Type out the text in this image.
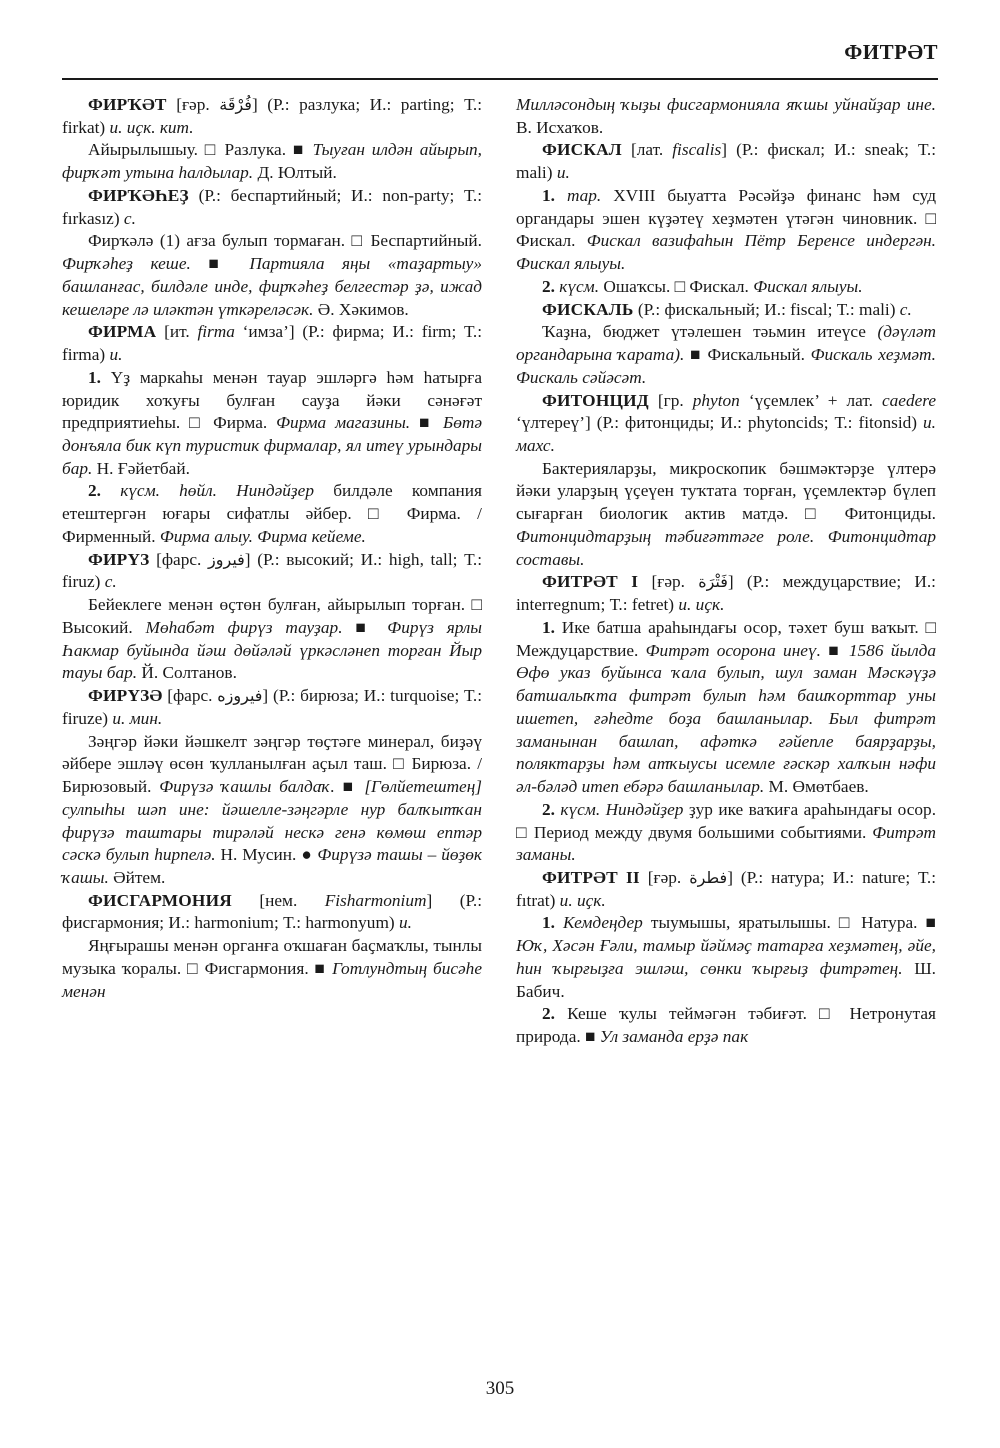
ФИТРӘТ

ФИРҠӘТ [ғәр. فُرْقَة] (Р.: разлука; И.: parting; Т.: firkat) и. иҫк. кит.

Айырылышыу. □ Разлука. ■ Тыуған илдән айырып, фирҡәт утына һалдылар. Д. Юлтый.

ФИРҠӘҺЕҘ (Р.: беспартийный; И.: non-party; Т.: fırkasız) с.

Фирҡәлә (1) ағза булып тормаған. □ Беспартийный. Фирҡәһеҙ кеше. ■ Партияла яңы «таҙартыу» башланғас, билдәле инде, фирҡәһеҙ белгестәр ҙә, ижад кешеләре лә иләктән үткәреләсәк. Ә. Хәкимов.

ФИРМА [ит. firma ‘имза’] (Р.: фирма; И.: firm; Т.: firma) и.

1. Үҙ маркаһы менән тауар эшләргә һәм һатырға юридик хоҡуғы булған сауҙа йәки сәнәғәт предприятиеһы. □ Фирма. Фирма магазины. ■ Бөтә донъяла бик күп туристик фирмалар, ял итеү урындары бар. Н. Ғәйетбай.

2. күсм. һөйл. Ниндәйҙер билдәле компания етештергән юғары сифатлы әйбер. □ Фирма. / Фирменный. Фирма алыу. Фирма кейеме.

ФИРҮЗ [фарс. فيروز] (Р.: высокий; И.: high, tall; Т.: firuz) с.

Бейеклеге менән өҫтөн булған, айырылып торған. □ Высокий. Мөһабәт фирүз тауҙар. ■ Фирүз ярлы Һакмар буйында йәш дөйәләй үркәсләнеп торған Йыр тауы бар. Й. Солтанов.

ФИРҮЗӘ [фарс. فيروزه] (Р.: бирюза; И.: turquoise; Т.: firuze) и. мин.

Зәңгәр йәки йәшкелт зәңгәр төҫтәге минерал, биҙәү әйбере эшләү өсөн ҡулланылған аҫыл таш. □ Бирюза. / Бирюзовый. Фирүзә ҡашлы балдаҡ. ■ [Гөлйemeштең] сулпыһы шәп ине: йәшелле-зәңгәрле нур балҡытҡан фирүзә таштары тирәләй нескә генә көмөш ептәр сәскә булып һирпелә. Н. Мусин. ● Фирүзә ташы – йөҙөк ҡашы. Әйтем.

ФИСГАРМОНИЯ [нем. Fisharmonium] (Р.: фисгармония; И.: harmonium; Т.: harmonyum) и.

Яңғырашы менән органға оҡшаған баҫмаҡлы, тынлы музыка ҡоралы. □ Фисгармония. ■ Готлундтың бисәһе менән

Милләсондың ҡыҙы фисгармонияла яҡшы уйнайҙар ине. В. Исхаҡов.

ФИСКАЛ [лат. fiscalis] (Р.: фискал; И.: sneak; Т.: mali) и.

1. тар. XVIII быуатта Рәсәйҙә финанс һәм суд органдары эшен күҙәтеү хеҙмәтен үтәгән чиновник. □ Фискал. Фискал вазифаһын Пётр Беренсе индергән. Фискал ялыуы.

2. күсм. Ошаҡсы. □ Фискал. Фискал ялыуы.

ФИСКАЛЬ (Р.: фискальный; И.: fiscal; Т.: mali) с.

Ҡаҙна, бюджет үтәлешен тәьмин итеүсе (дәүләт органдарына ҡарата). ■ Фискальный. Фискаль хеҙмәт. Фискаль сәйәсәт.

ФИТОНЦИД [гр. phyton ‘үҫемлек’ + лат. caedere ‘үлтереү’] (Р.: фитонциды; И.: phytoncids; Т.: fitonsid) и. махс.

Бактерияларҙы, микроскопик бәшмәктәрҙе үлтерә йәки уларҙың үҫеүен туҡтата торған, үҫемлектәр бүлеп сығарған биологик актив матдә. □ Фитонциды. Фитонцидтарҙың тәбиғәттәге роле. Фитонцидтар составы.

ФИТРӘТ I [ғәр. فَتْرَة] (Р.: междуцарствие; И.: interregnum; Т.: fetret) и. иҫк.

1. Ике батша араһындағы осор, тәхет буш ваҡыт. □ Междуцарствие. Фитрәт осорона инеү. ■ 1586 йылда Өфө указ буйынса ҡала булып, шул заман Мәскәүҙә батшалыҡта фитрәт булып һәм башҡорттар уны ишетеп, ғәһедте боҙа башланылар. Был фитрәт заманынан башлап, афәткә ғәйепле баярҙарҙы, поляктарҙы һәм атҡыусы исемле ғәскәр халҡын нәфи әл-бәләд итеп ебәрә башланылар. М. Өмөтбаев.

2. күсм. Ниндәйҙер ҙур ике ваҡиға араһындағы осор. □ Период между двумя большими событиями. Фитрәт заманы.

ФИТРӘТ II [ғәр. فطرة] (Р.: натура; И.: nature; Т.: fıtrat) и. иҫк.

1. Кемдеңдер тыумышы, яратылышы. □ Натура. ■ Юҡ, Хәсән Ғәли, тамыр йәймәҫ татарға хеҙмәтең, әйе, һин ҡырғыҙға эшләш, сөнки ҡырғыҙ фитрәтең. Ш. Бабич.

2. Кеше ҡулы теймәгән тәбиғәт. □ Нетронутая природа. ■ Ул заманда ерҙә пак

305
